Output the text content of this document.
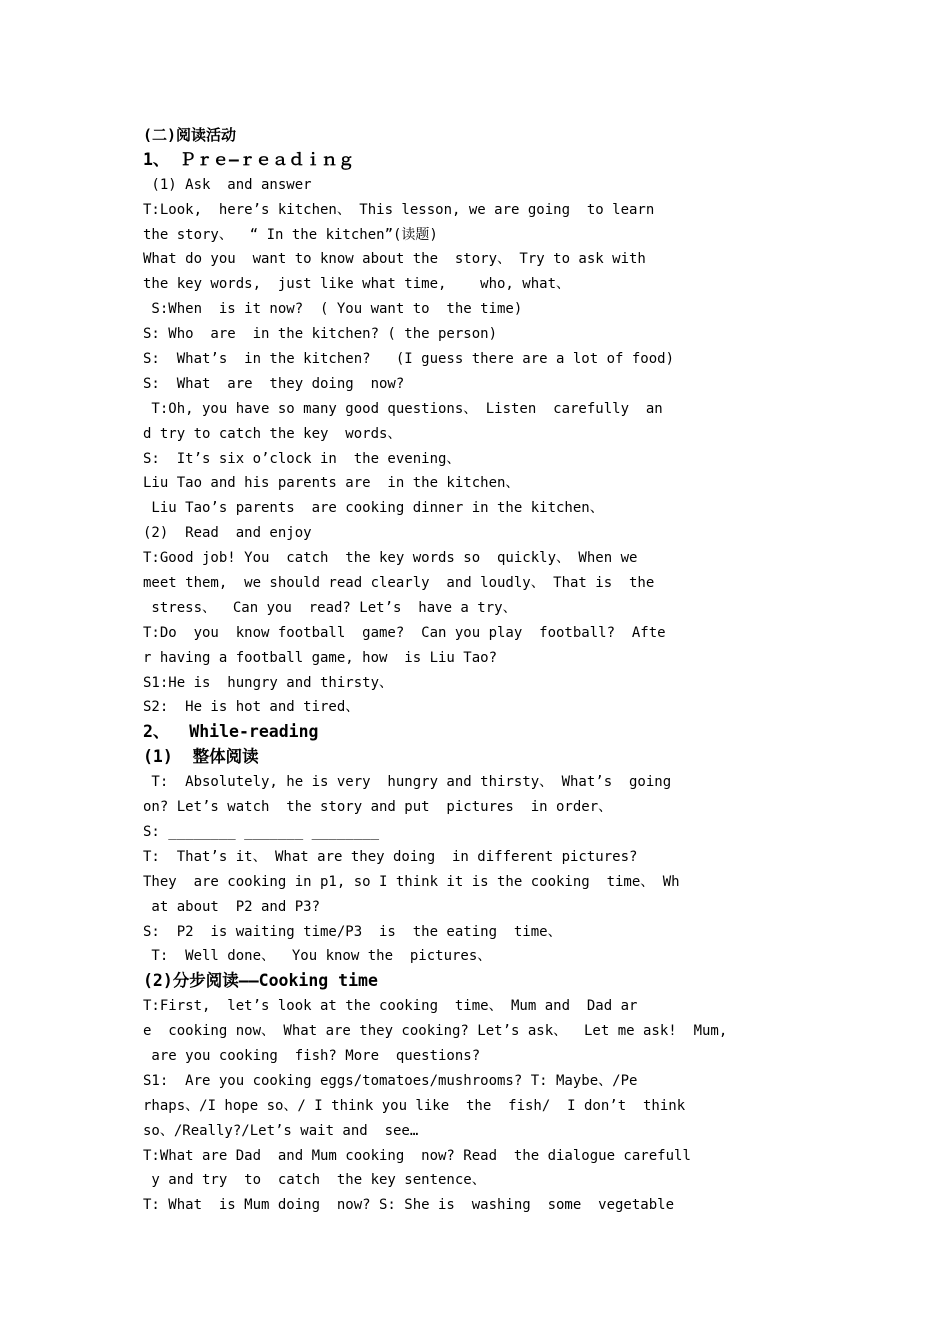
(二)阅读活动
1、 Ｐｒｅ—ｒｅａｄｉｎｇ
(1) Ask  and answer
T:Look,  here’s kitchen、 This lesson, we are going  to learn
the story、  “ In the kitchen”(读题)
What do you  want to know about the  story、 Try to ask with
the key words,  just like what time,    who, what、
S:When  is it now?  ( You want to  the time)
S: Who  are  in the kitchen? ( the person)
S:  What’s  in the kitchen?   (I guess there are a lot of food)
S:  What  are  they doing  now?
T:Oh, you have so many good questions、 Listen  carefully  an
d try to catch the key  words、
S:  It’s six o’clock in  the evening、
Liu Tao and his parents are  in the kitchen、
Liu Tao’s parents  are cooking dinner in the kitchen、
(2)  Read  and enjoy
T:Good job! You  catch  the key words so  quickly、 When we
meet them,  we should read clearly  and loudly、 That is  the
stress、  Can you  read? Let’s  have a try、
T:Do  you  know football  game?  Can you play  football?  Afte
r having a football game, how  is Liu Tao?
S1:He is  hungry and thirsty、
S2:  He is hot and tired、
2、  While-reading
(1)  整体阅读
T:  Absolutely, he is very  hungry and thirsty、 What’s  going
on? Let’s watch  the story and put  pictures  in order、
S: ________ _______ ________
T:  That’s it、 What are they doing  in different pictures?
They  are cooking in p1, so I think it is the cooking  time、 Wh
at about  P2 and P3?
S:  P2  is waiting time/P3  is  the eating  time、
T:  Well done、  You know the  pictures、
(2)分步阅读——Cooking time
T:First,  let’s look at the cooking  time、 Mum and  Dad ar
e  cooking now、 What are they cooking? Let’s ask、  Let me ask!  Mum,
are you cooking  fish? More  questions?
S1:  Are you cooking eggs/tomatoes/mushrooms? T: Maybe、/Pe
rhaps、/I hope so、/ I think you like  the  fish/  I don’t  think
so、/Really?/Let’s wait and  see…
T:What are Dad  and Mum cooking  now? Read  the dialogue carefull
y and try  to  catch  the key sentence、
T: What  is Mum doing  now? S: She is  washing  some  vegetable
